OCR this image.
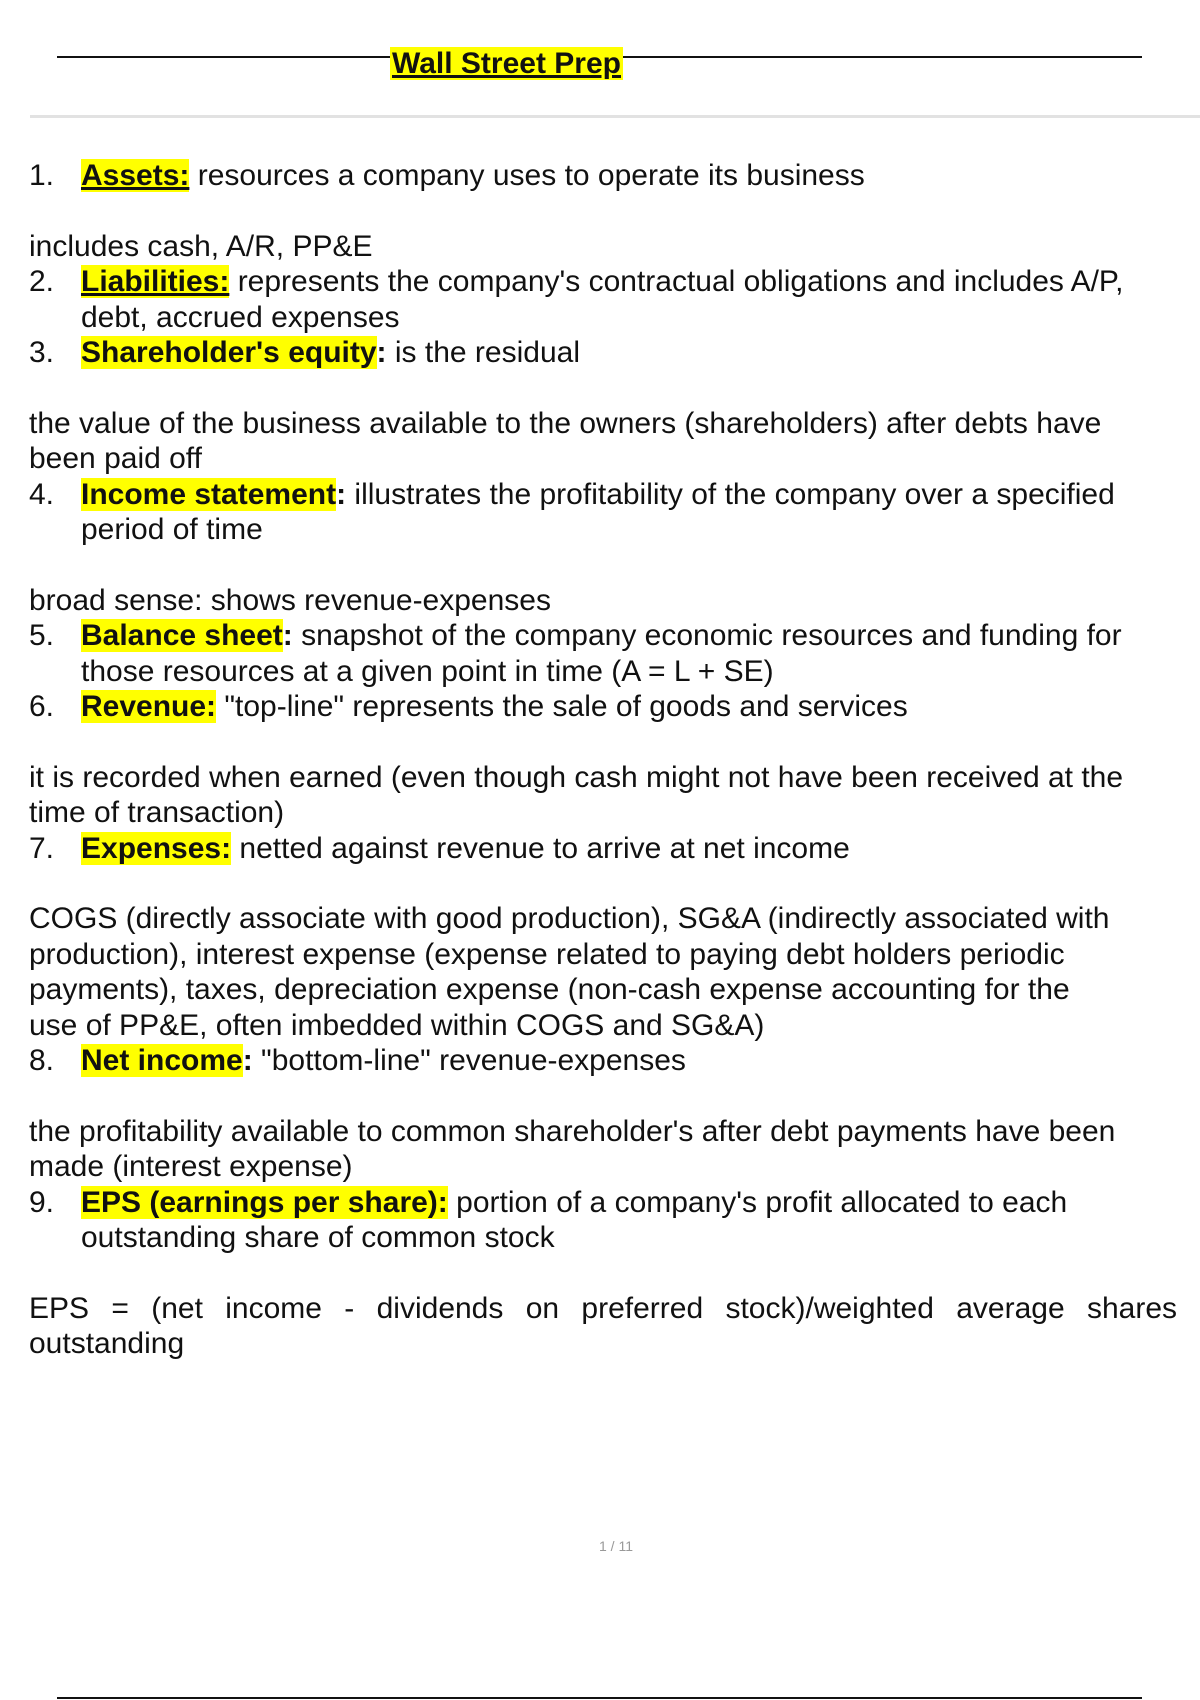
Wall Street Prep
1. Assets: resources a company uses to operate its business
includes cash, A/R, PP&E
2. Liabilities: represents the company's contractual obligations and includes A/P,
debt, accrued expenses
3. Shareholder's equity: is the residual
the value of the business available to the owners (shareholders) after debts have
been paid off
4. Income statement: illustrates the profitability of the company over a specified
period of time
broad sense: shows revenue-expenses
5. Balance sheet: snapshot of the company economic resources and funding for
those resources at a given point in time (A = L + SE)
6. Revenue: "top-line" represents the sale of goods and services
it is recorded when earned (even though cash might not have been received at the
time of transaction)
7. Expenses: netted against revenue to arrive at net income
COGS (directly associate with good production), SG&A (indirectly associated with
production), interest expense (expense related to paying debt holders periodic
payments), taxes, depreciation expense (non-cash expense accounting for the
use of PP&E, often imbedded within COGS and SG&A)
8. Net income: "bottom-line" revenue-expenses
the profitability available to common shareholder's after debt payments have been
made (interest expense)
9. EPS (earnings per share): portion of a company's profit allocated to each
outstanding share of common stock
EPS = (net income - dividends on preferred stock)/weighted average shares
outstanding
1 / 11
